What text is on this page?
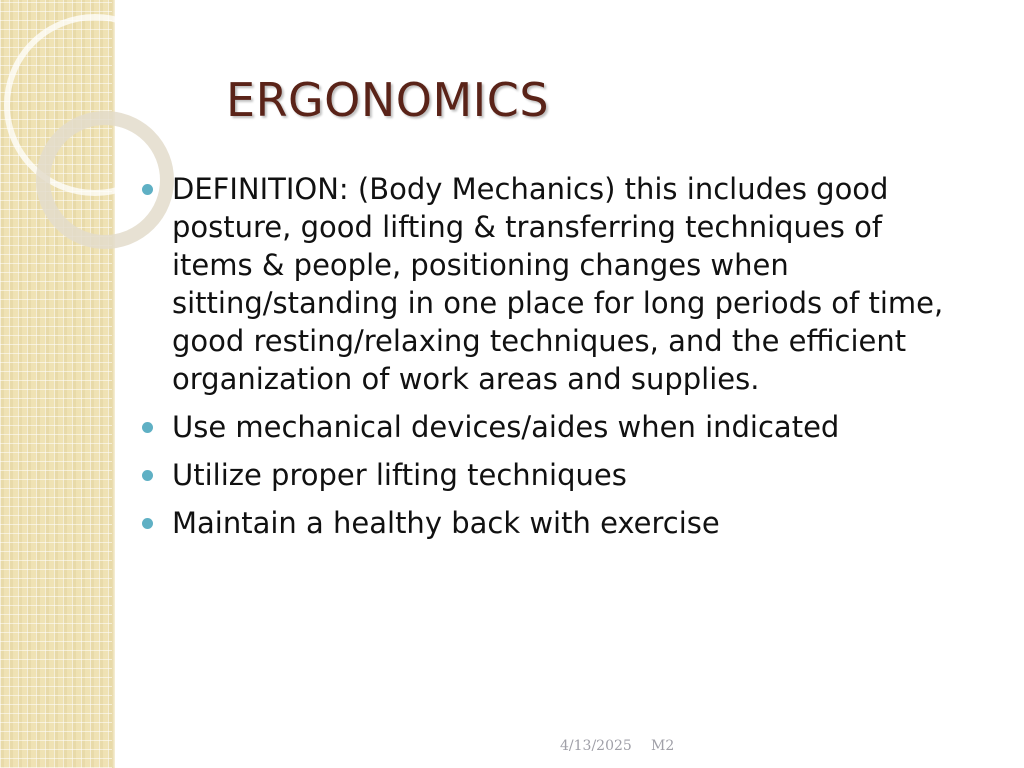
ERGONOMICS
DEFINITION: (Body Mechanics) this includes good posture, good lifting & transferring techniques of items & people, positioning changes when sitting/standing in one place for long periods of time, good resting/relaxing techniques, and the efficient organization of work areas and supplies.
Use mechanical devices/aides when indicated
Utilize proper lifting techniques
Maintain a healthy back with exercise
4/13/2025 M2
